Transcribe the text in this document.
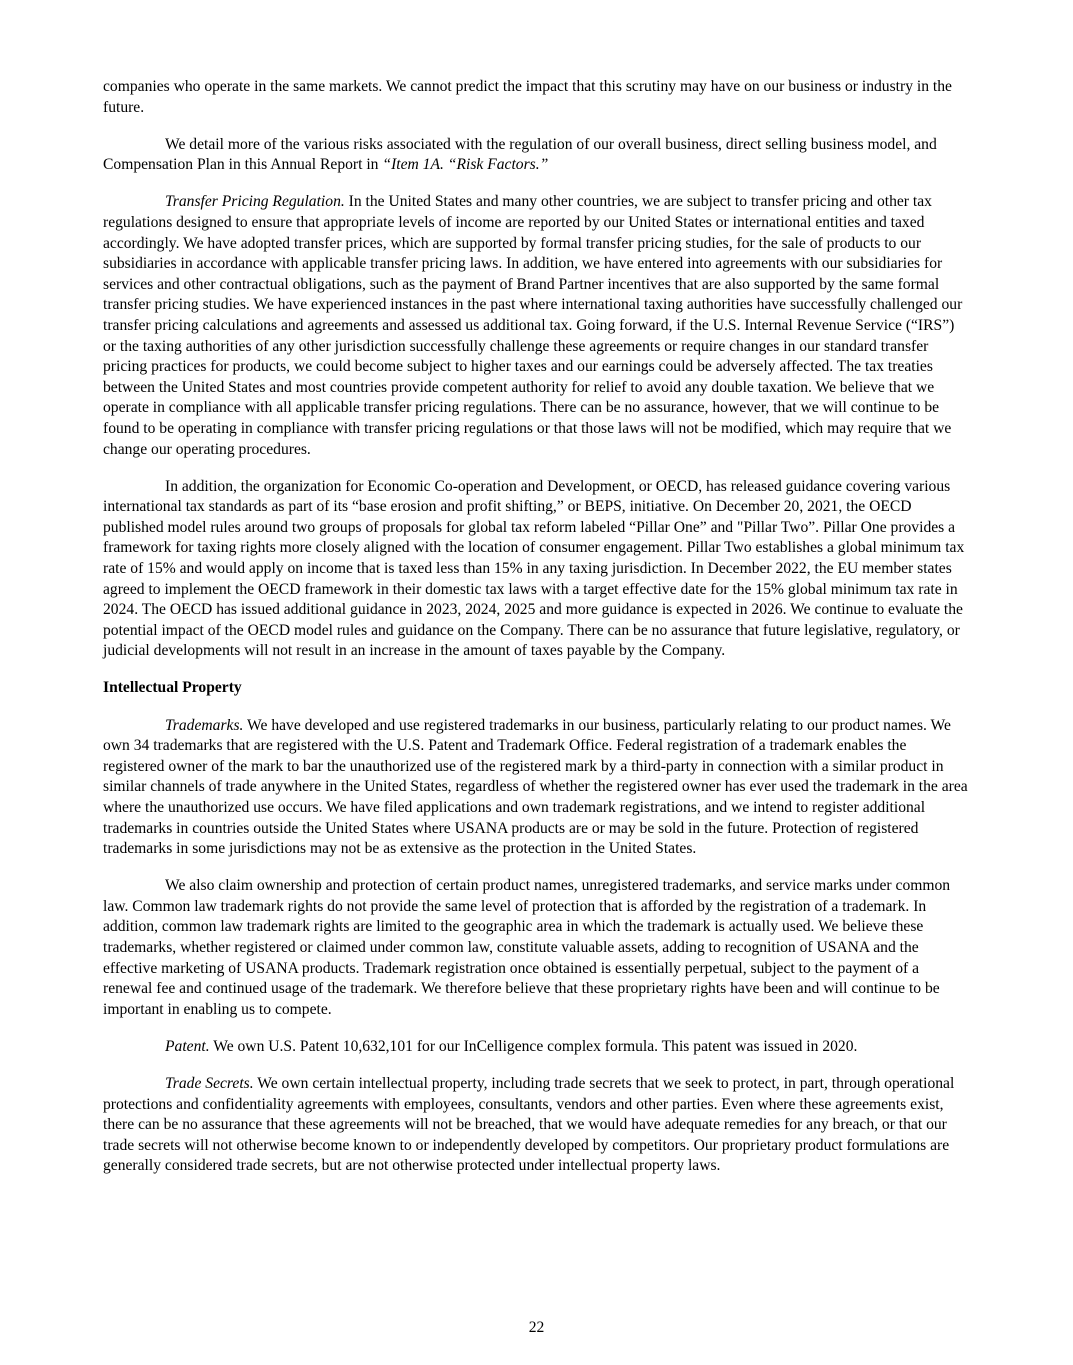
companies who operate in the same markets. We cannot predict the impact that this scrutiny may have on our business or industry in the future.

We detail more of the various risks associated with the regulation of our overall business, direct selling business model, and Compensation Plan in this Annual Report in “Item 1A. “Risk Factors.”

Transfer Pricing Regulation. In the United States and many other countries, we are subject to transfer pricing and other tax regulations designed to ensure that appropriate levels of income are reported by our United States or international entities and taxed accordingly. We have adopted transfer prices, which are supported by formal transfer pricing studies, for the sale of products to our subsidiaries in accordance with applicable transfer pricing laws. In addition, we have entered into agreements with our subsidiaries for services and other contractual obligations, such as the payment of Brand Partner incentives that are also supported by the same formal transfer pricing studies. We have experienced instances in the past where international taxing authorities have successfully challenged our transfer pricing calculations and agreements and assessed us additional tax. Going forward, if the U.S. Internal Revenue Service (“IRS”) or the taxing authorities of any other jurisdiction successfully challenge these agreements or require changes in our standard transfer pricing practices for products, we could become subject to higher taxes and our earnings could be adversely affected. The tax treaties between the United States and most countries provide competent authority for relief to avoid any double taxation. We believe that we operate in compliance with all applicable transfer pricing regulations. There can be no assurance, however, that we will continue to be found to be operating in compliance with transfer pricing regulations or that those laws will not be modified, which may require that we change our operating procedures.

In addition, the organization for Economic Co-operation and Development, or OECD, has released guidance covering various international tax standards as part of its “base erosion and profit shifting,” or BEPS, initiative. On December 20, 2021, the OECD published model rules around two groups of proposals for global tax reform labeled “Pillar One” and "Pillar Two”. Pillar One provides a framework for taxing rights more closely aligned with the location of consumer engagement. Pillar Two establishes a global minimum tax rate of 15% and would apply on income that is taxed less than 15% in any taxing jurisdiction. In December 2022, the EU member states agreed to implement the OECD framework in their domestic tax laws with a target effective date for the 15% global minimum tax rate in 2024. The OECD has issued additional guidance in 2023, 2024, 2025 and more guidance is expected in 2026. We continue to evaluate the potential impact of the OECD model rules and guidance on the Company. There can be no assurance that future legislative, regulatory, or judicial developments will not result in an increase in the amount of taxes payable by the Company.

Intellectual Property

Trademarks. We have developed and use registered trademarks in our business, particularly relating to our product names. We own 34 trademarks that are registered with the U.S. Patent and Trademark Office. Federal registration of a trademark enables the registered owner of the mark to bar the unauthorized use of the registered mark by a third-party in connection with a similar product in similar channels of trade anywhere in the United States, regardless of whether the registered owner has ever used the trademark in the area where the unauthorized use occurs. We have filed applications and own trademark registrations, and we intend to register additional trademarks in countries outside the United States where USANA products are or may be sold in the future. Protection of registered trademarks in some jurisdictions may not be as extensive as the protection in the United States.

We also claim ownership and protection of certain product names, unregistered trademarks, and service marks under common law. Common law trademark rights do not provide the same level of protection that is afforded by the registration of a trademark. In addition, common law trademark rights are limited to the geographic area in which the trademark is actually used. We believe these trademarks, whether registered or claimed under common law, constitute valuable assets, adding to recognition of USANA and the effective marketing of USANA products. Trademark registration once obtained is essentially perpetual, subject to the payment of a renewal fee and continued usage of the trademark. We therefore believe that these proprietary rights have been and will continue to be important in enabling us to compete.

Patent. We own U.S. Patent 10,632,101 for our InCelligence complex formula. This patent was issued in 2020.

Trade Secrets. We own certain intellectual property, including trade secrets that we seek to protect, in part, through operational protections and confidentiality agreements with employees, consultants, vendors and other parties. Even where these agreements exist, there can be no assurance that these agreements will not be breached, that we would have adequate remedies for any breach, or that our trade secrets will not otherwise become known to or independently developed by competitors. Our proprietary product formulations are generally considered trade secrets, but are not otherwise protected under intellectual property laws.

22
